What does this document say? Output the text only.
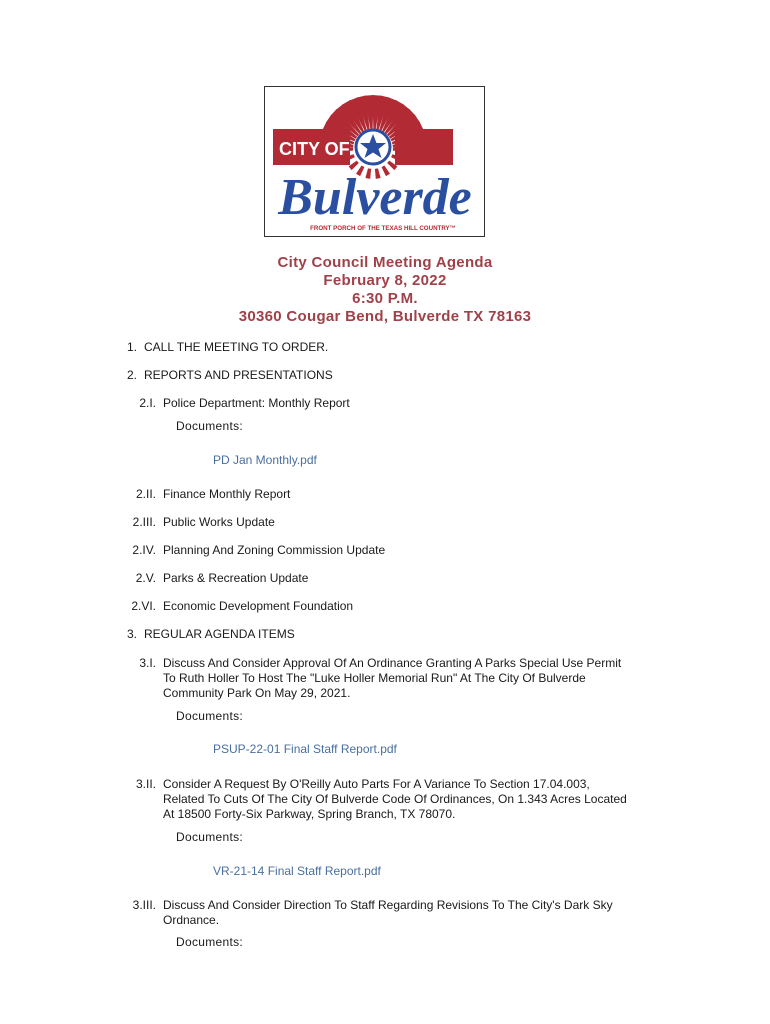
CITY OF
Bulverde
FRONT PORCH OF THE TEXAS HILL COUNTRY™
City Council Meeting Agenda
February 8, 2022
6:30 P.M.
30360 Cougar Bend, Bulverde TX 78163
1. CALL THE MEETING TO ORDER.
2. REPORTS AND PRESENTATIONS
2.I. Police Department: Monthly Report
Documents:
PD Jan Monthly.pdf
2.II. Finance Monthly Report
2.III. Public Works Update
2.IV. Planning And Zoning Commission Update
2.V. Parks & Recreation Update
2.VI. Economic Development Foundation
3. REGULAR AGENDA ITEMS
3.I. Discuss And Consider Approval Of An Ordinance Granting A Parks Special Use Permit
To Ruth Holler To Host The "Luke Holler Memorial Run" At The City Of Bulverde
Community Park On May 29, 2021.
Documents:
PSUP-22-01 Final Staff Report.pdf
3.II. Consider A Request By O'Reilly Auto Parts For A Variance To Section 17.04.003,
Related To Cuts Of The City Of Bulverde Code Of Ordinances, On 1.343 Acres Located
At 18500 Forty-Six Parkway, Spring Branch, TX 78070.
Documents:
VR-21-14 Final Staff Report.pdf
3.III. Discuss And Consider Direction To Staff Regarding Revisions To The City's Dark Sky
Ordnance.
Documents:
